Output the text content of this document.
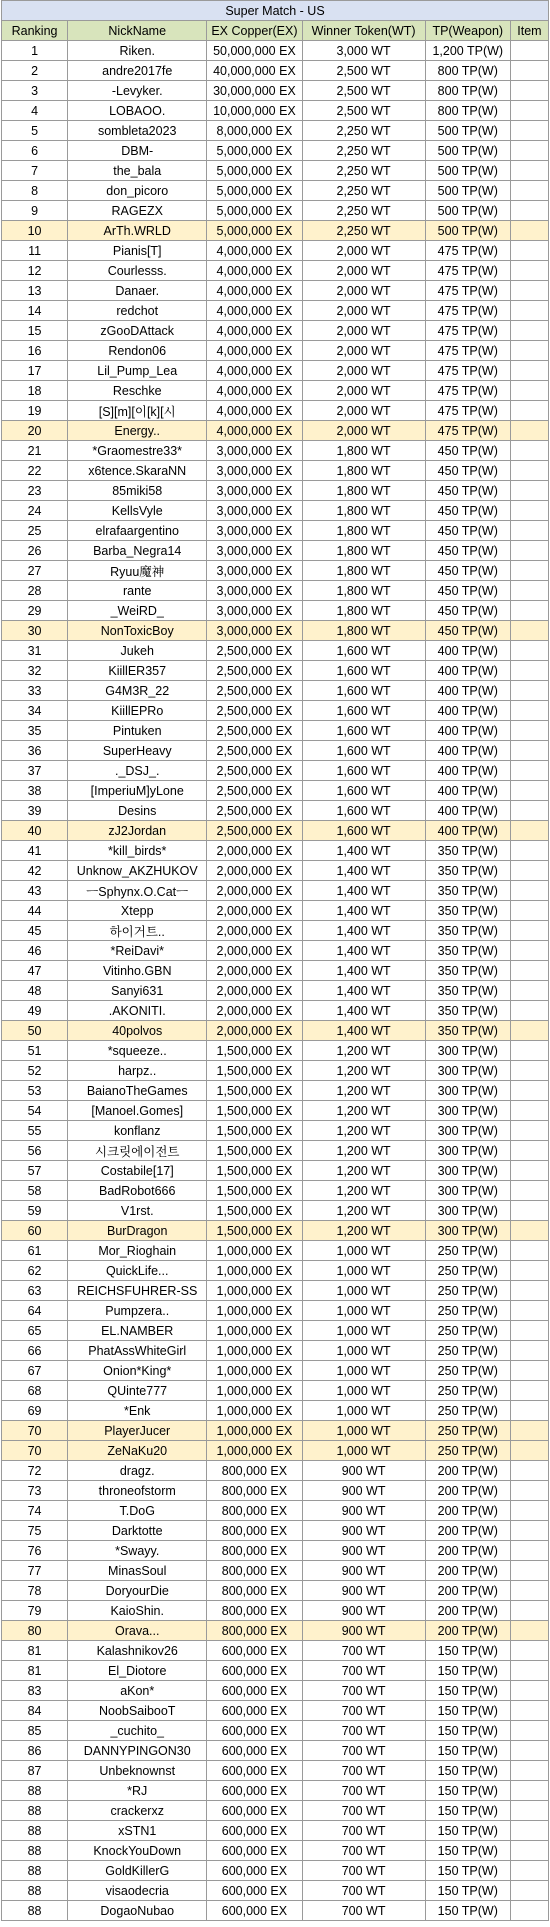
Super Match - US					
Ranking	NickName	EX Copper(EX)	Winner Token(WT)	TP(Weapon)	Item
1	Riken.	50,000,000 EX	3,000 WT	1,200 TP(W)	
2	andre2017fe	40,000,000 EX	2,500 WT	800 TP(W)	
3	-Levyker.	30,000,000 EX	2,500 WT	800 TP(W)	
4	LOBAOO.	10,000,000 EX	2,500 WT	800 TP(W)	
5	sombleta2023	8,000,000 EX	2,250 WT	500 TP(W)	
6	DBM-	5,000,000 EX	2,250 WT	500 TP(W)	
7	the_bala	5,000,000 EX	2,250 WT	500 TP(W)	
8	don_picoro	5,000,000 EX	2,250 WT	500 TP(W)	
9	RAGEZX	5,000,000 EX	2,250 WT	500 TP(W)	
10	ArTh.WRLD	5,000,000 EX	2,250 WT	500 TP(W)	
11	Pianis[T]	4,000,000 EX	2,000 WT	475 TP(W)	
12	Courlesss.	4,000,000 EX	2,000 WT	475 TP(W)	
13	Danaer.	4,000,000 EX	2,000 WT	475 TP(W)	
14	redchot	4,000,000 EX	2,000 WT	475 TP(W)	
15	zGooDAttack	4,000,000 EX	2,000 WT	475 TP(W)	
16	Rendon06	4,000,000 EX	2,000 WT	475 TP(W)	
17	Lil_Pump_Lea	4,000,000 EX	2,000 WT	475 TP(W)	
18	Reschke	4,000,000 EX	2,000 WT	475 TP(W)	
19	[S][m][이[k][시	4,000,000 EX	2,000 WT	475 TP(W)	
20	Energy..	4,000,000 EX	2,000 WT	475 TP(W)	
21	*Graomestre33*	3,000,000 EX	1,800 WT	450 TP(W)	
22	x6tence.SkaraNN	3,000,000 EX	1,800 WT	450 TP(W)	
23	85miki58	3,000,000 EX	1,800 WT	450 TP(W)	
24	KellsVyle	3,000,000 EX	1,800 WT	450 TP(W)	
25	elrafaargentino	3,000,000 EX	1,800 WT	450 TP(W)	
26	Barba_Negra14	3,000,000 EX	1,800 WT	450 TP(W)	
27	Ryuu魔神	3,000,000 EX	1,800 WT	450 TP(W)	
28	rante	3,000,000 EX	1,800 WT	450 TP(W)	
29	_WeiRD_	3,000,000 EX	1,800 WT	450 TP(W)	
30	NonToxicBoy	3,000,000 EX	1,800 WT	450 TP(W)	
31	Jukeh	2,500,000 EX	1,600 WT	400 TP(W)	
32	KiillER357	2,500,000 EX	1,600 WT	400 TP(W)	
33	G4M3R_22	2,500,000 EX	1,600 WT	400 TP(W)	
34	KiillEPRo	2,500,000 EX	1,600 WT	400 TP(W)	
35	Pintuken	2,500,000 EX	1,600 WT	400 TP(W)	
36	SuperHeavy	2,500,000 EX	1,600 WT	400 TP(W)	
37	._DSJ_.	2,500,000 EX	1,600 WT	400 TP(W)	
38	[ImperiuM]yLone	2,500,000 EX	1,600 WT	400 TP(W)	
39	Desins	2,500,000 EX	1,600 WT	400 TP(W)	
40	zJ2Jordan	2,500,000 EX	1,600 WT	400 TP(W)	
41	*kill_birds*	2,000,000 EX	1,400 WT	350 TP(W)	
42	Unknow_AKZHUKOV	2,000,000 EX	1,400 WT	350 TP(W)	
43	ㅡSphynx.O.Catㅡ	2,000,000 EX	1,400 WT	350 TP(W)	
44	Xtepp	2,000,000 EX	1,400 WT	350 TP(W)	
45	하이거트..	2,000,000 EX	1,400 WT	350 TP(W)	
46	*ReiDavi*	2,000,000 EX	1,400 WT	350 TP(W)	
47	Vitinho.GBN	2,000,000 EX	1,400 WT	350 TP(W)	
48	Sanyi631	2,000,000 EX	1,400 WT	350 TP(W)	
49	.AKONITI.	2,000,000 EX	1,400 WT	350 TP(W)	
50	40polvos	2,000,000 EX	1,400 WT	350 TP(W)	
51	*squeeze..	1,500,000 EX	1,200 WT	300 TP(W)	
52	harpz..	1,500,000 EX	1,200 WT	300 TP(W)	
53	BaianoTheGames	1,500,000 EX	1,200 WT	300 TP(W)	
54	[Manoel.Gomes]	1,500,000 EX	1,200 WT	300 TP(W)	
55	konflanz	1,500,000 EX	1,200 WT	300 TP(W)	
56	시크릿에이전트	1,500,000 EX	1,200 WT	300 TP(W)	
57	Costabile[17]	1,500,000 EX	1,200 WT	300 TP(W)	
58	BadRobot666	1,500,000 EX	1,200 WT	300 TP(W)	
59	V1rst.	1,500,000 EX	1,200 WT	300 TP(W)	
60	BurDragon	1,500,000 EX	1,200 WT	300 TP(W)	
61	Mor_Rioghain	1,000,000 EX	1,000 WT	250 TP(W)	
62	QuickLife...	1,000,000 EX	1,000 WT	250 TP(W)	
63	REICHSFUHRER-SS	1,000,000 EX	1,000 WT	250 TP(W)	
64	Pumpzera..	1,000,000 EX	1,000 WT	250 TP(W)	
65	EL.NAMBER	1,000,000 EX	1,000 WT	250 TP(W)	
66	PhatAssWhiteGirl	1,000,000 EX	1,000 WT	250 TP(W)	
67	Onion*King*	1,000,000 EX	1,000 WT	250 TP(W)	
68	QUinte777	1,000,000 EX	1,000 WT	250 TP(W)	
69	*Enk	1,000,000 EX	1,000 WT	250 TP(W)	
70	PlayerJucer	1,000,000 EX	1,000 WT	250 TP(W)	
70	ZeNaKu20	1,000,000 EX	1,000 WT	250 TP(W)	
72	dragz.	800,000 EX	900 WT	200 TP(W)	
73	throneofstorm	800,000 EX	900 WT	200 TP(W)	
74	T.DoG	800,000 EX	900 WT	200 TP(W)	
75	Darktotte	800,000 EX	900 WT	200 TP(W)	
76	*Swayy.	800,000 EX	900 WT	200 TP(W)	
77	MinasSoul	800,000 EX	900 WT	200 TP(W)	
78	DoryourDie	800,000 EX	900 WT	200 TP(W)	
79	KaioShin.	800,000 EX	900 WT	200 TP(W)	
80	Orava...	800,000 EX	900 WT	200 TP(W)	
81	Kalashnikov26	600,000 EX	700 WT	150 TP(W)	
81	El_Diotore	600,000 EX	700 WT	150 TP(W)	
83	aKon*	600,000 EX	700 WT	150 TP(W)	
84	NoobSaibooT	600,000 EX	700 WT	150 TP(W)	
85	_cuchito_	600,000 EX	700 WT	150 TP(W)	
86	DANNYPINGON30	600,000 EX	700 WT	150 TP(W)	
87	Unbeknownst	600,000 EX	700 WT	150 TP(W)	
88	*RJ	600,000 EX	700 WT	150 TP(W)	
88	crackerxz	600,000 EX	700 WT	150 TP(W)	
88	xSTN1	600,000 EX	700 WT	150 TP(W)	
88	KnockYouDown	600,000 EX	700 WT	150 TP(W)	
88	GoldKillerG	600,000 EX	700 WT	150 TP(W)	
88	visaodecria	600,000 EX	700 WT	150 TP(W)	
88	DogaoNubao	600,000 EX	700 WT	150 TP(W)	
